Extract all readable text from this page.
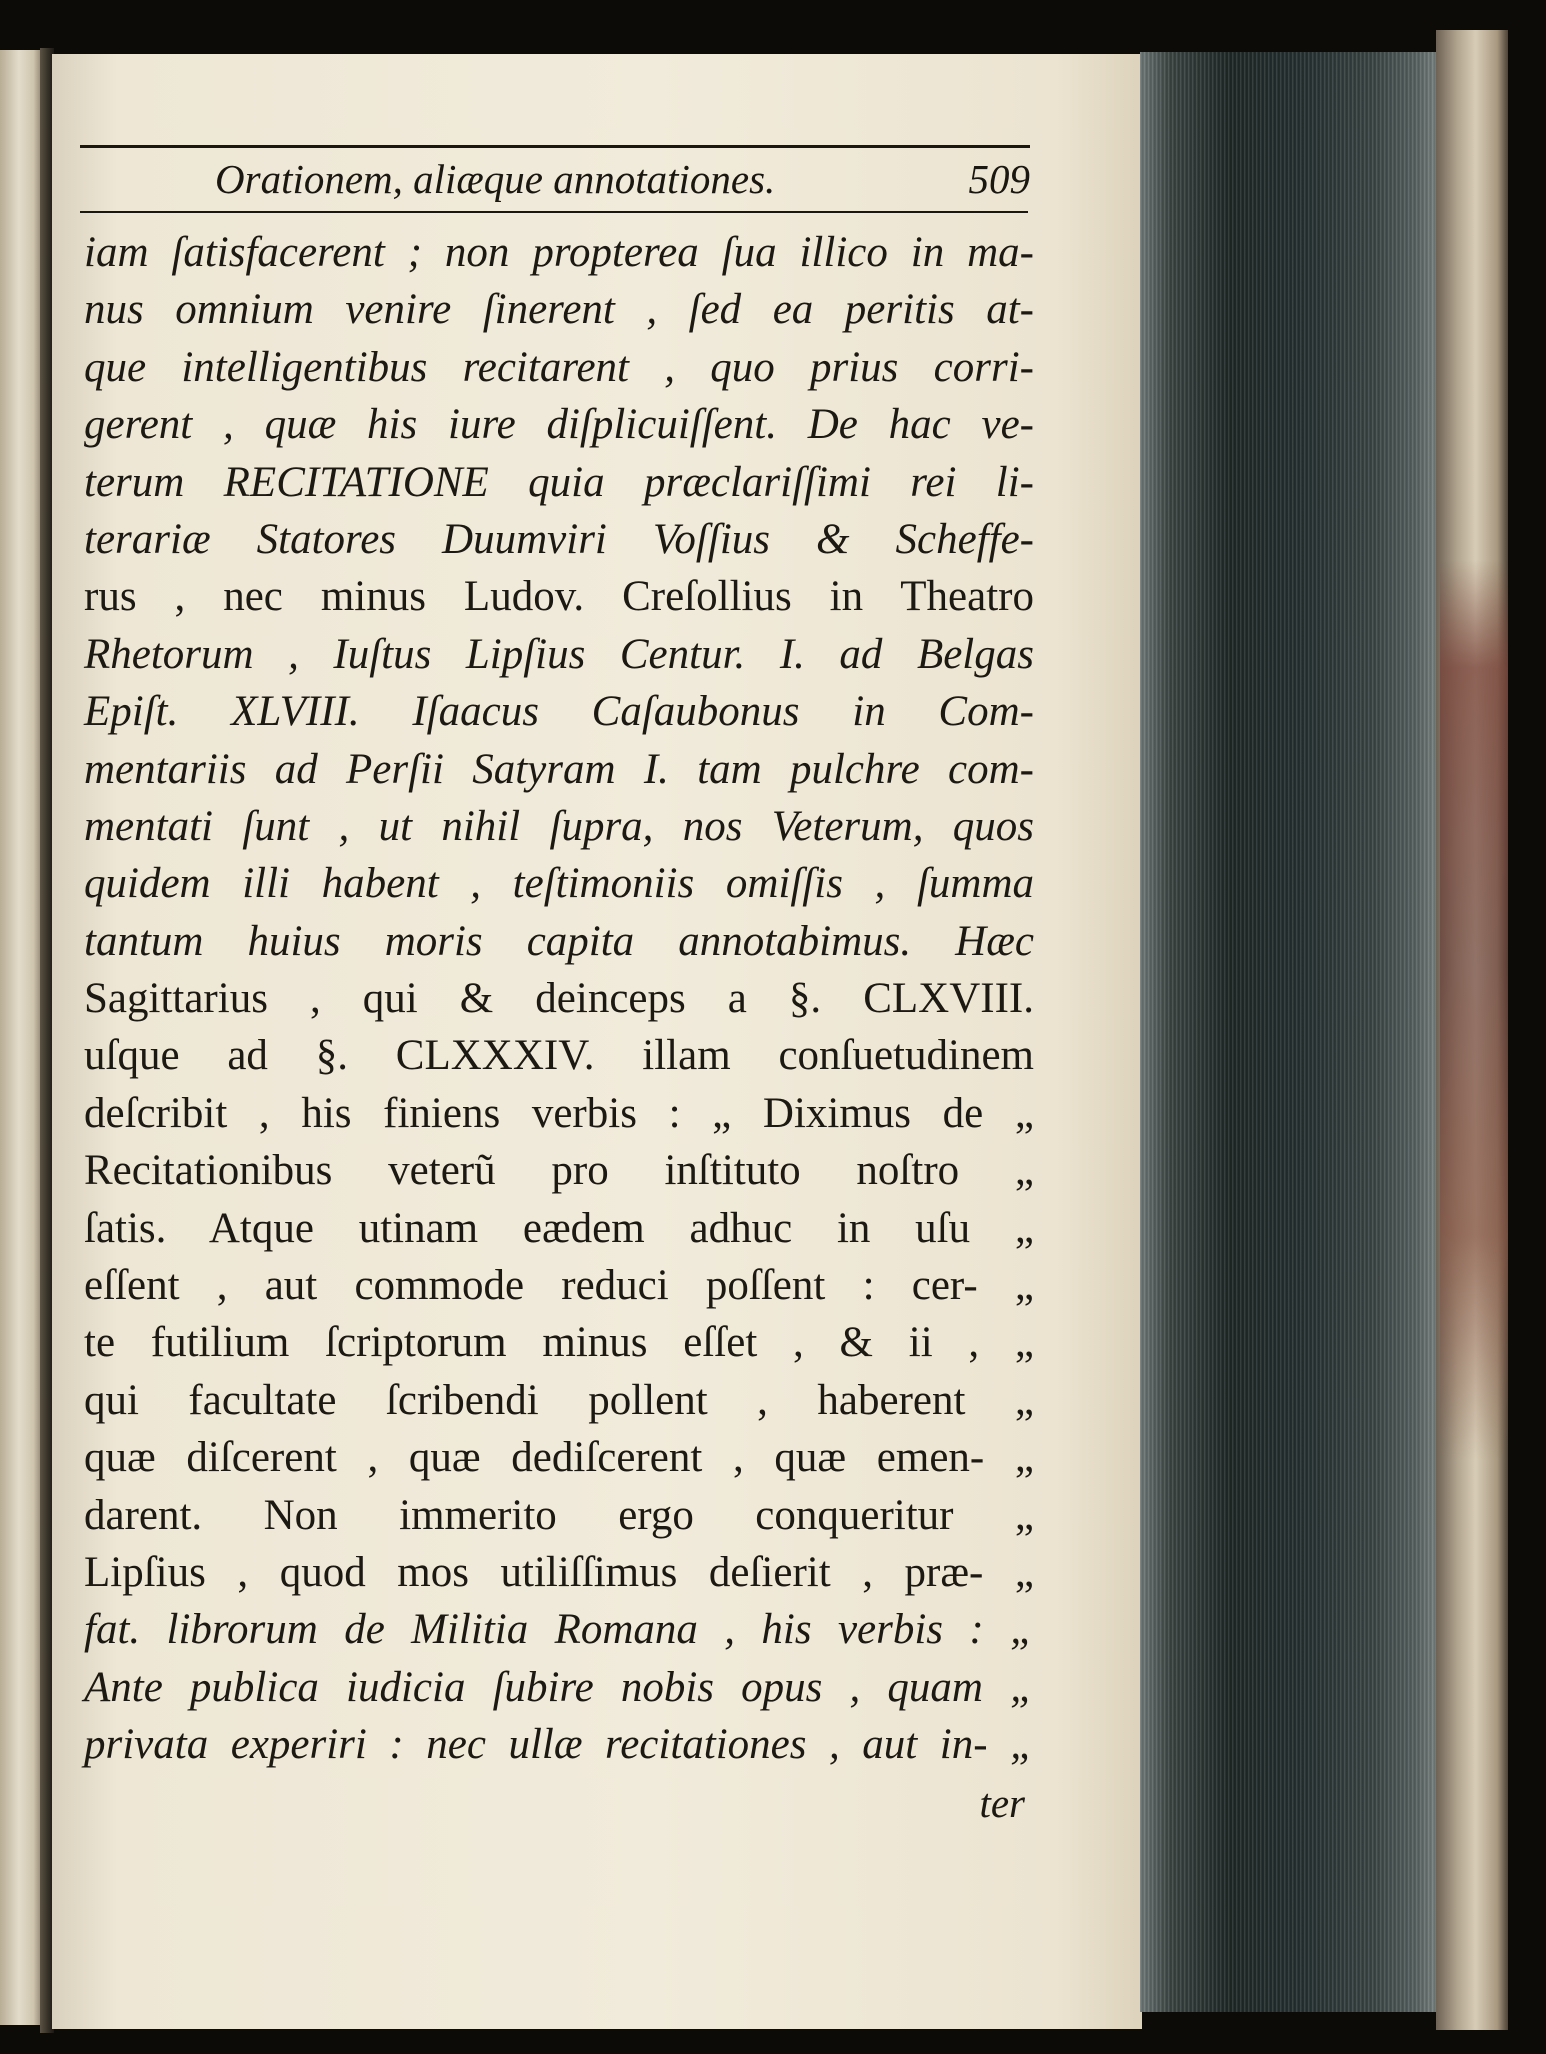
Orationem, aliæque annotationes.	509
iam ſatisfacerent ; non propterea ſua illico in ma-
nus omnium venire ſinerent , ſed ea peritis at-
que intelligentibus recitarent , quo prius corri-
gerent , quæ his iure diſplicuiſſent. De hac ve-
terum RECITATIONE quia præclariſſimi rei li-
terariæ Statores Duumviri Voſſius & Scheffe-
rus , nec minus Ludov. Creſollius in Theatro
Rhetorum , Iuſtus Lipſius Centur. I. ad Belgas
Epiſt. XLVIII. Iſaacus Caſaubonus in Com-
mentariis ad Perſii Satyram I. tam pulchre com-
mentati ſunt , ut nihil ſupra, nos Veterum, quos
quidem illi habent , teſtimoniis omiſſis , ſumma
tantum huius moris capita annotabimus. Hæc
Sagittarius , qui & deinceps a §. CLXVIII.
uſque ad §. CLXXXIV. illam conſuetudinem
deſcribit , his finiens verbis : „ Diximus de „
Recitationibus veterũ pro inſtituto noſtro „
ſatis. Atque utinam eædem adhuc in uſu „
eſſent , aut commode reduci poſſent : cer- „
te futilium ſcriptorum minus eſſet , & ii , „
qui facultate ſcribendi pollent , haberent „
quæ diſcerent , quæ dediſcerent , quæ emen- „
darent. Non immerito ergo conqueritur „
Lipſius , quod mos utiliſſimus deſierit , præ- „
fat. librorum de Militia Romana , his verbis : „
Ante publica iudicia ſubire nobis opus , quam „
privata experiri : nec ullæ recitationes , aut in- „
ter
